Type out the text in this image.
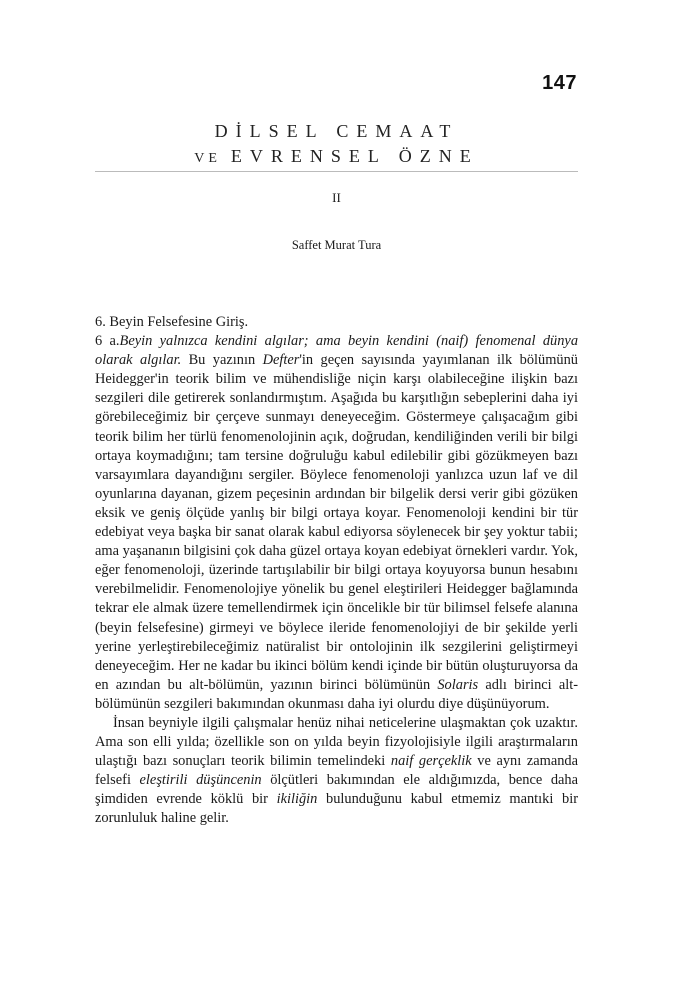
147
DİLSEL CEMAAT
VE EVRENSEL ÖZNE
II
Saffet Murat Tura

6. Beyin Felsefesine Giriş.

6 a.Beyin yalnızca kendini algılar; ama beyin kendini (naif) fenomenal dünya olarak algılar. Bu yazının Defter'in geçen sayısında yayımlanan ilk bölümünü Heidegger'in teorik bilim ve mühendisliğe niçin karşı olabileceğine ilişkin bazı sezgileri dile getirerek sonlandırmıştım. Aşağıda bu karşıtlığın sebeplerini daha iyi görebileceğimiz bir çerçeve sunmayı deneyeceğim. Göstermeye çalışacağım gibi teorik bilim her türlü fenomenolojinin açık, doğrudan, kendiliğinden verili bir bilgi ortaya koymadığını; tam tersine doğruluğu kabul edilebilir gibi gözükmeyen bazı varsayımlara dayandığını sergiler. Böylece fenomenoloji yanlızca uzun laf ve dil oyunlarına dayanan, gizem peçesinin ardından bir bilgelik dersi verir gibi gözüken eksik ve geniş ölçüde yanlış bir bilgi ortaya koyar. Fenomenoloji kendini bir tür edebiyat veya başka bir sanat olarak kabul ediyorsa söylenecek bir şey yoktur tabii; ama yaşananın bilgisini çok daha güzel ortaya koyan edebiyat örnekleri vardır. Yok, eğer fenomenoloji, üzerinde tartışılabilir bir bilgi ortaya koyuyorsa bunun hesabını verebilmelidir. Fenomenolojiye yönelik bu genel eleştirileri Heidegger bağlamında tekrar ele almak üzere temellendirmek için öncelikle bir tür bilimsel felsefe alanına (beyin felsefesine) girmeyi ve böylece ileride fenomenolojiyi de bir şekilde yerli yerine yerleştirebileceğimiz natüralist bir ontolojinin ilk sezgilerini geliştirmeyi deneyeceğim. Her ne kadar bu ikinci bölüm kendi içinde bir bütün oluşturuyorsa da en azından bu alt-bölümün, yazının birinci bölümünün Solaris adlı birinci alt-bölümünün sezgileri bakımından okunması daha iyi olurdu diye düşünüyorum.

İnsan beyniyle ilgili çalışmalar henüz nihai neticelerine ulaşmaktan çok uzaktır. Ama son elli yılda; özellikle son on yılda beyin fizyolojisiyle ilgili araştırmaların ulaştığı bazı sonuçları teorik bilimin temelindeki naif gerçeklik ve aynı zamanda felsefi eleştirili düşüncenin ölçütleri bakımından ele aldığımızda, bence daha şimdiden evrende köklü bir ikiliğin bulunduğunu kabul etmemiz mantıki bir zorunluluk haline gelir.
